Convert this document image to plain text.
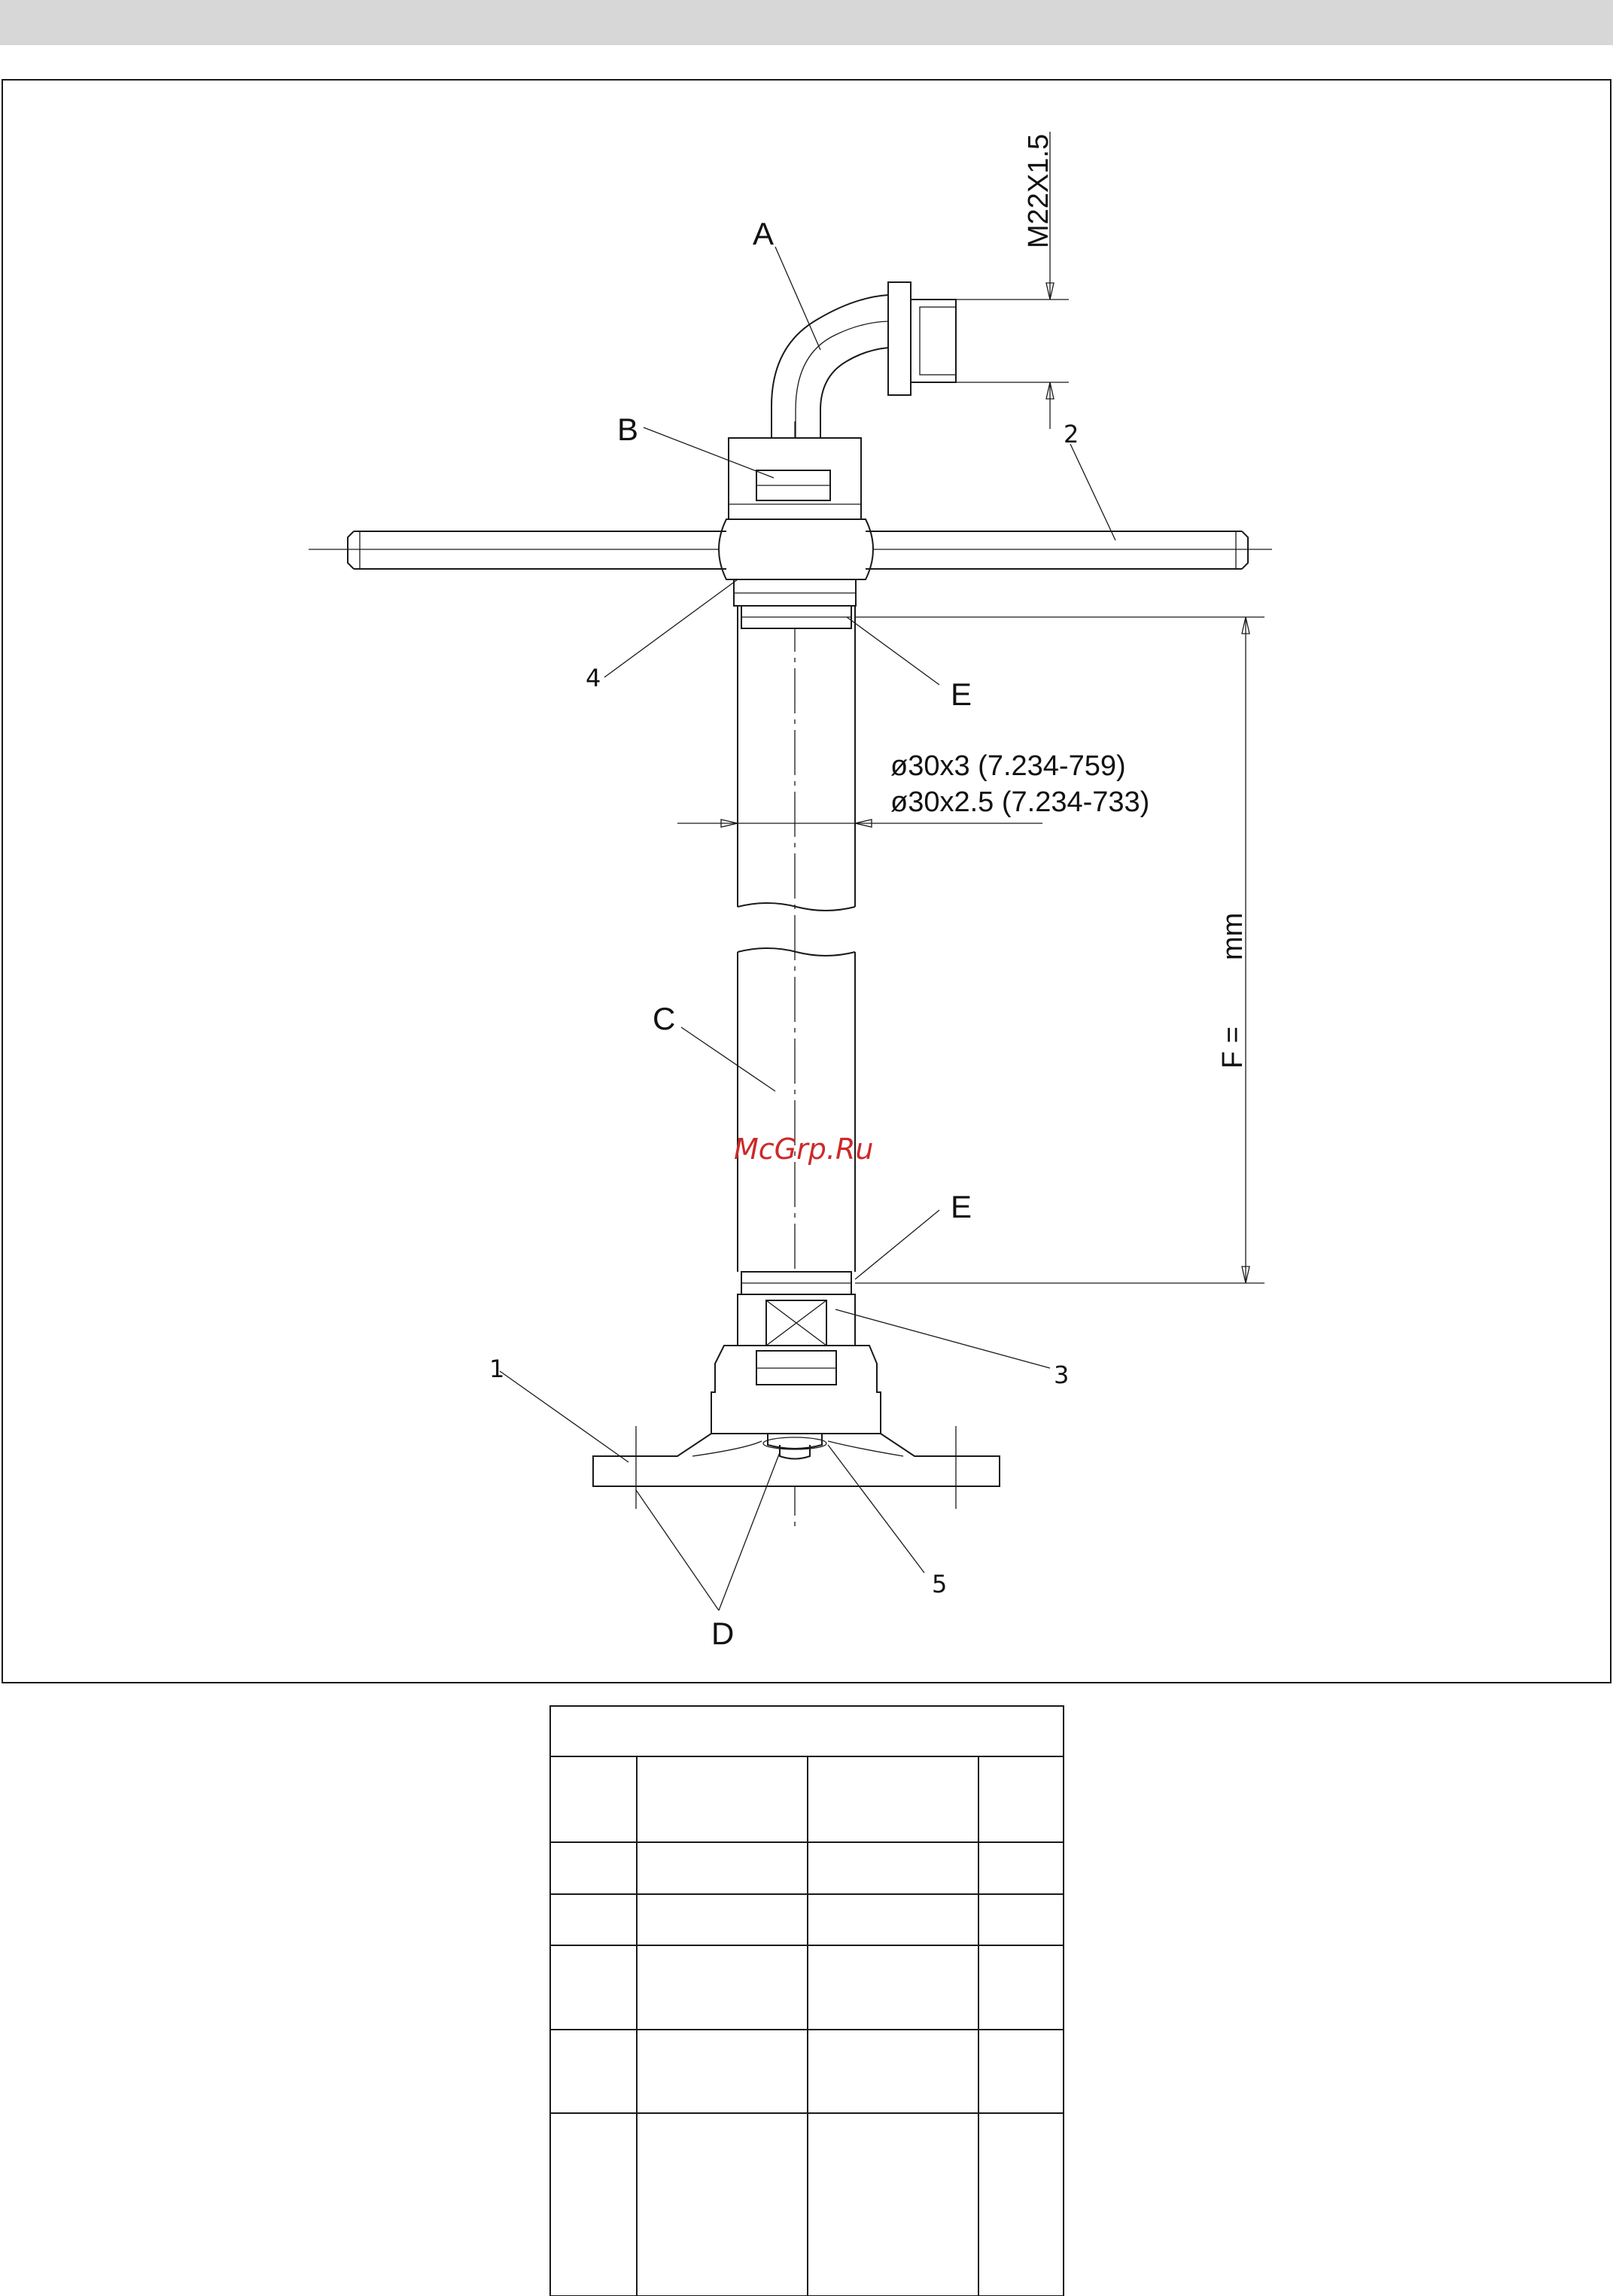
M22X1.5
ø30x3 (7.234-759)
ø30x2.5 (7.234-733)
F =
mm
A
B	2
4	E
C
E
3
1
5
D
McGrp.Ru
